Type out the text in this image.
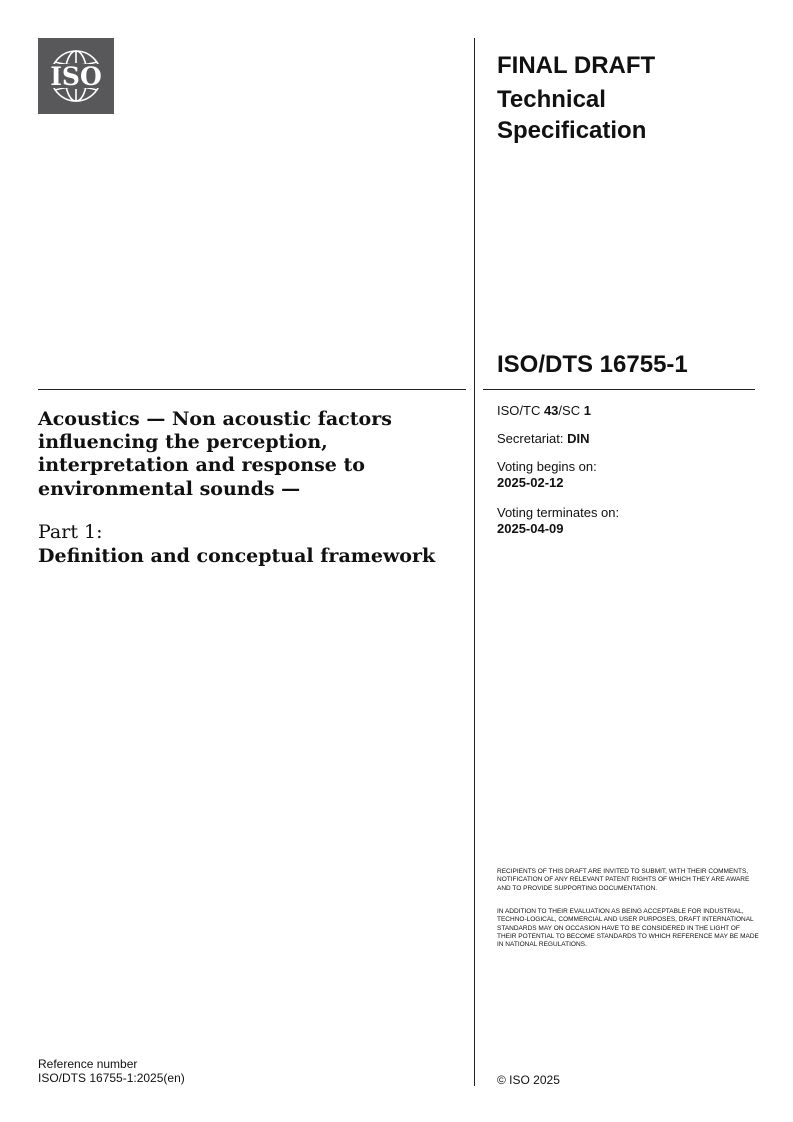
ISO	FINAL DRAFT
Technical Specification
ISO/DTS 16755-1
ISO/TC 43/SC 1
Secretariat: DIN
Voting begins on:
2025-02-12
Voting terminates on:
2025-04-09
Acoustics — Non acoustic factors influencing the perception, interpretation and response to environmental sounds —
Part 1:
Definition and conceptual framework
RECIPIENTS OF THIS DRAFT ARE INVITED TO SUBMIT, WITH THEIR COMMENTS, NOTIFICATION OF ANY RELEVANT PATENT RIGHTS OF WHICH THEY ARE AWARE AND TO PROVIDE SUPPORTING DOCUMENTATION.
IN ADDITION TO THEIR EVALUATION AS BEING ACCEPTABLE FOR INDUSTRIAL, TECHNO-LOGICAL, COMMERCIAL AND USER PURPOSES, DRAFT INTERNATIONAL STANDARDS MAY ON OCCASION HAVE TO BE CONSIDERED IN THE LIGHT OF THEIR POTENTIAL TO BECOME STANDARDS TO WHICH REFERENCE MAY BE MADE IN NATIONAL REGULATIONS.
Reference number
ISO/DTS 16755-1:2025(en)	© ISO 2025
